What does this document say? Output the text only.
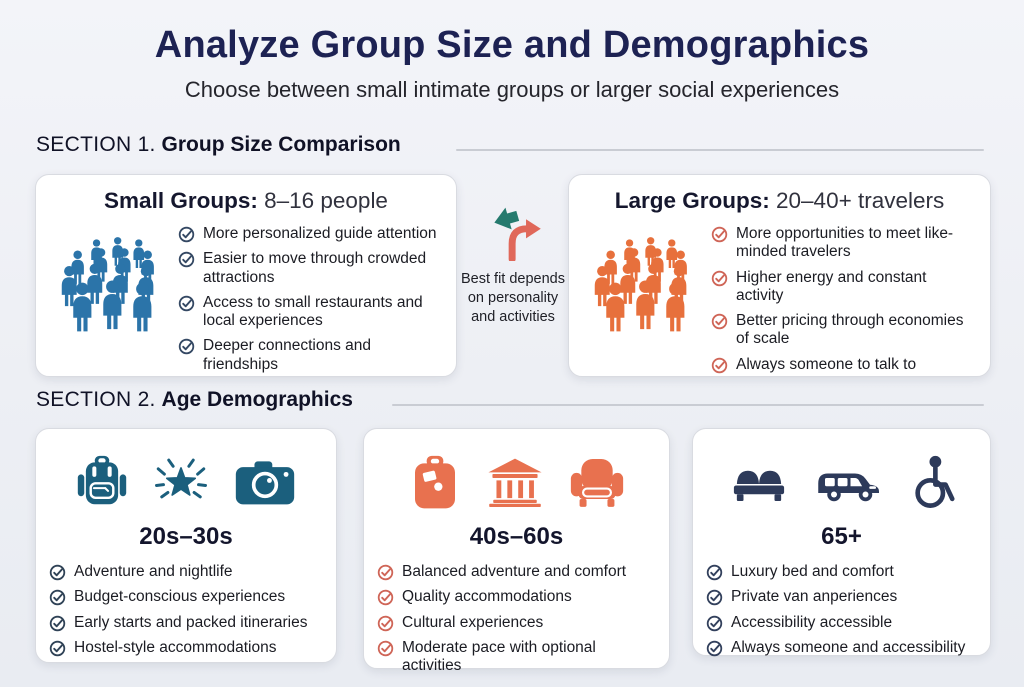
Analyze Group Size and Demographics
Choose between small intimate groups or larger social experiences
SECTION 1. Group Size Comparison
Small Groups: 8–16 people
More personalized guide attention
Easier to move through crowded attractions
Access to small restaurants and local experiences
Deeper connections and friendships
Best fit depends on personality and activities
Large Groups: 20–40+ travelers
More opportunities to meet like-minded travelers
Higher energy and constant activity
Better pricing through economies of scale
Always someone to talk to
SECTION 2. Age Demographics
20s–30s
Adventure and nightlife
Budget-conscious experiences
Early starts and packed itineraries
Hostel-style accommodations
40s–60s
Balanced adventure and comfort
Quality accommodations
Cultural experiences
Moderate pace with optional activities
65+
Luxury bed and comfort
Private van anperiences
Accessibility accessible
Always someone and accessibility
